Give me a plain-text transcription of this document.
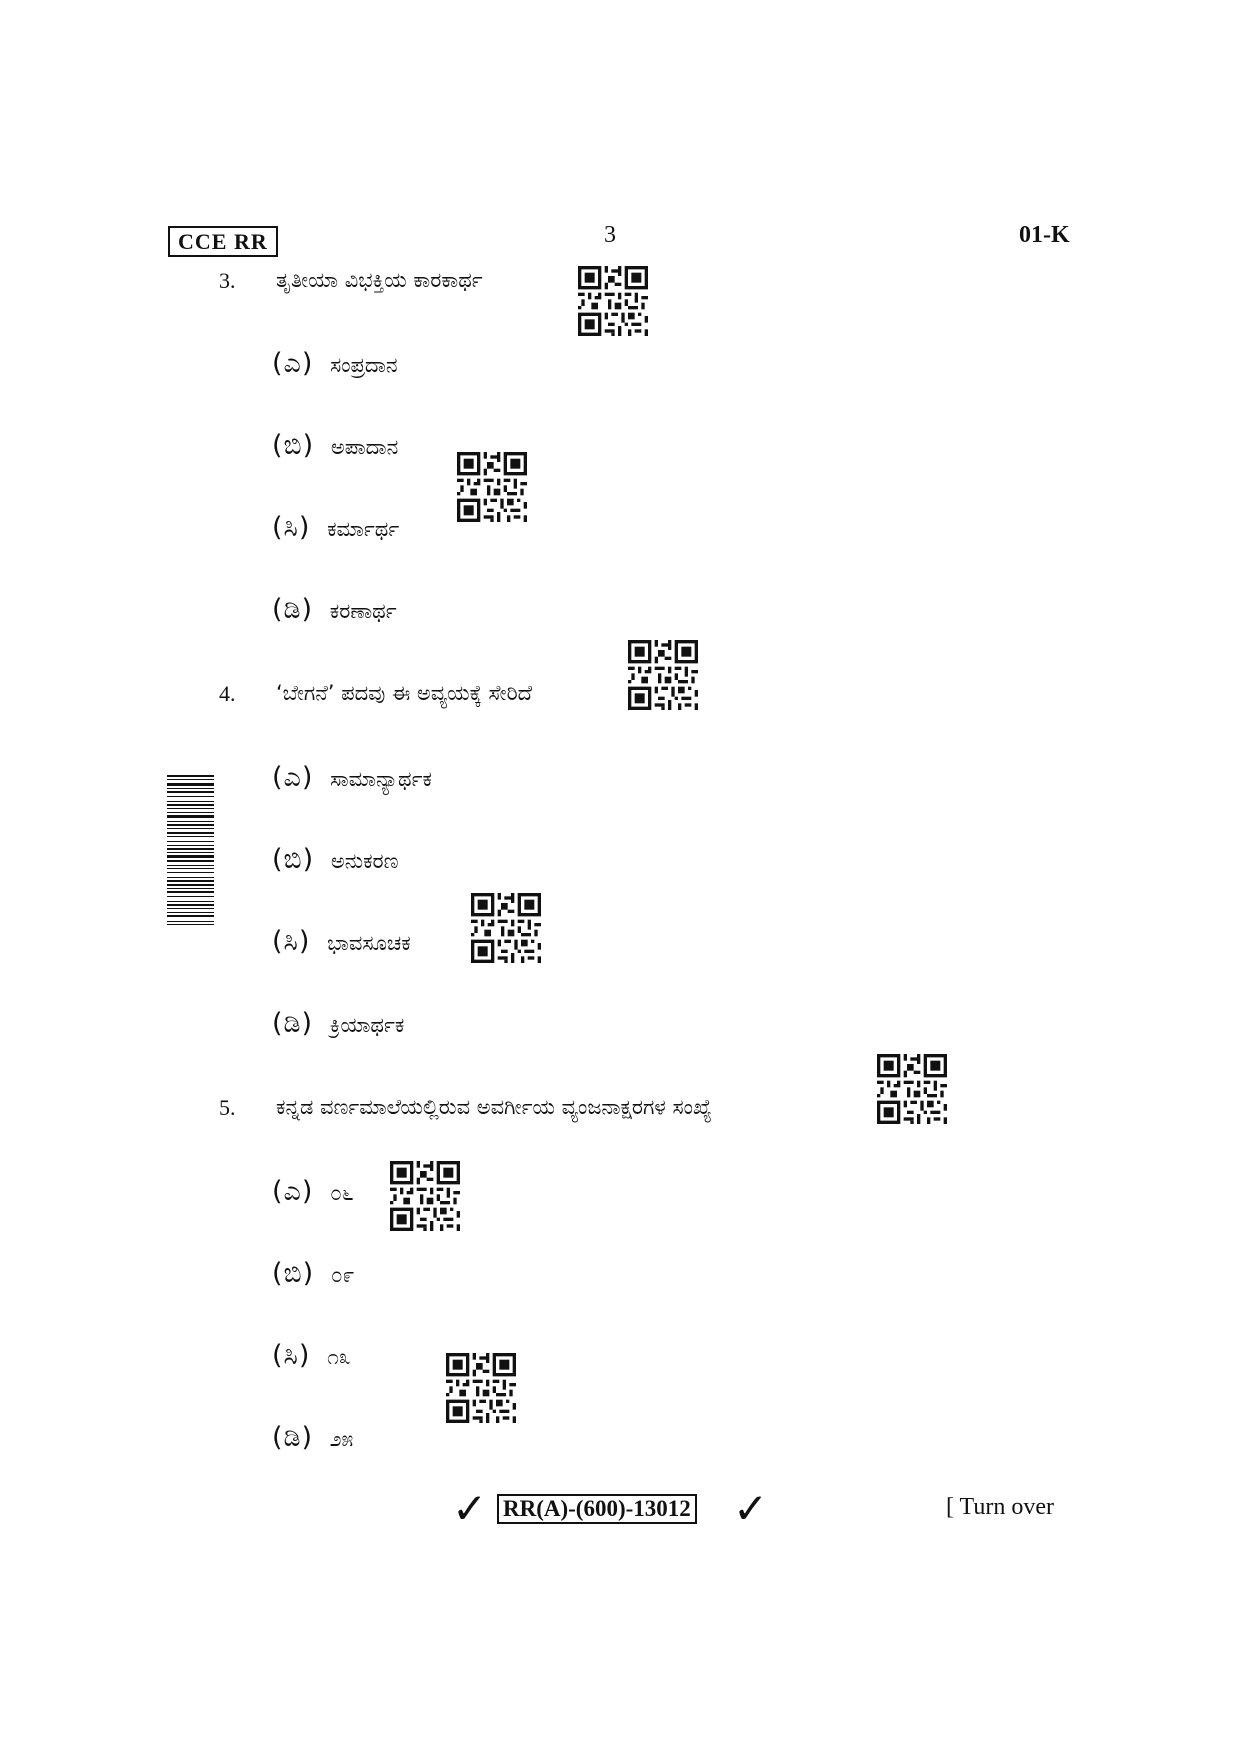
CCE RR	3	01-K
3. ತೃತೀಯಾ ವಿಭಕ್ತಿಯ ಕಾರಕಾರ್ಥ
(ಎ) ಸಂಪ್ರದಾನ
(ಬಿ) ಅಪಾದಾನ
(ಸಿ) ಕರ್ಮಾರ್ಥ
(ಡಿ) ಕರಣಾರ್ಥ
4. ‘ಬೇಗನೆ’ ಪದವು ಈ ಅವ್ಯಯಕ್ಕೆ ಸೇರಿದೆ
(ಎ) ಸಾಮಾನ್ಯಾರ್ಥಕ
(ಬಿ) ಅನುಕರಣ
(ಸಿ) ಭಾವಸೂಚಕ
(ಡಿ) ಕ್ರಿಯಾರ್ಥಕ
5. ಕನ್ನಡ ವರ್ಣಮಾಲೆಯಲ್ಲಿರುವ ಅವರ್ಗೀಯ ವ್ಯಂಜನಾಕ್ಷರಗಳ ಸಂಖ್ಯೆ
(ಎ) ೦೬
(ಬಿ) ೦೯
(ಸಿ) ೧೩
(ಡಿ) ೨೫
✓ RR(A)-(600)-13012 ✓	[ Turn over
